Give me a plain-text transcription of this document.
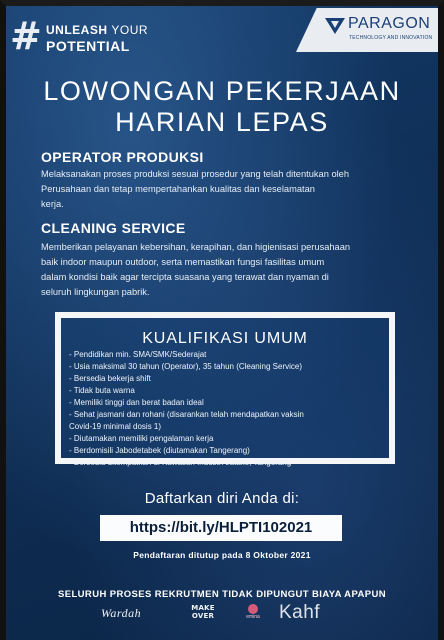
# UNLEASH YOUR
POTENTIAL
PARAGON
TECHNOLOGY AND INNOVATION
LOWONGAN PEKERJAAN
HARIAN LEPAS
OPERATOR PRODUKSI
Melaksanakan proses produksi sesuai prosedur yang telah ditentukan oleh
Perusahaan dan tetap mempertahankan kualitas dan keselamatan
kerja.
CLEANING SERVICE
Memberikan pelayanan kebersihan, kerapihan, dan higienisasi perusahaan
baik indoor maupun outdoor, serta memastikan fungsi fasilitas umum
dalam kondisi baik agar tercipta suasana yang terawat dan nyaman di
seluruh lingkungan pabrik.
KUALIFIKASI UMUM
- Pendidikan min. SMA/SMK/Sederajat
- Usia maksimal 30 tahun (Operator), 35 tahun (Cleaning Service)
- Bersedia bekerja shift
- Tidak buta warna
- Memiliki tinggi dan berat badan ideal
- Sehat jasmani dan rohani (disarankan telah mendapatkan vaksin
Covid-19 minimal dosis 1)
- Diutamakan memiliki pengalaman kerja
- Berdomisili Jabodetabek (diutamakan Tangerang)
- Bersedia ditempatkan di Kawasan Industri Jatake, Tangerang
Daftarkan diri Anda di:
https://bit.ly/HLPTI102021
Pendaftaran ditutup pada 8 Oktober 2021
SELURUH PROSES REKRUTMEN TIDAK DIPUNGUT BIAYA APAPUN
Wardah	MAKE
OVER	emina	Kahf
